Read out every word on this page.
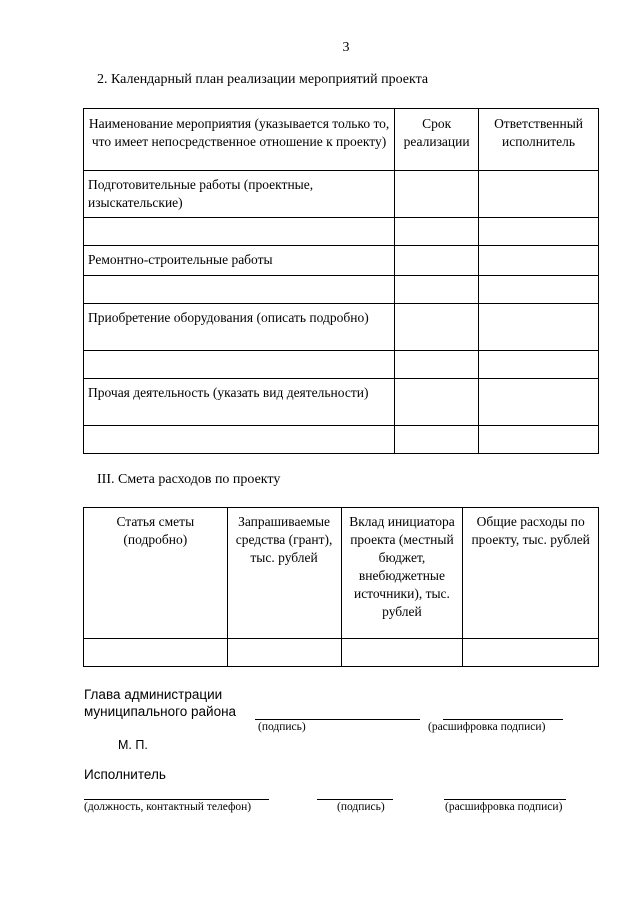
3
2. Календарный план реализации мероприятий проекта
Наименование мероприятия (указывается только то, что имеет непосредственное отношение к проекту)	Срок реализации	Ответственный исполнитель
Подготовительные работы (проектные, изыскательские)		

Ремонтно-строительные работы		

Приобретение оборудования (описать подробно)		

Прочая деятельность (указать вид деятельности)		

III. Смета расходов по проекту
Статья сметы (подробно)	Запрашиваемые средства (грант), тыс. рублей	Вклад инициатора проекта (местный бюджет, внебюджетные источники), тыс. рублей	Общие расходы по проекту, тыс. рублей

Глава администрации
муниципального района
(подпись)	(расшифровка подписи)
М. П.
Исполнитель
(должность, контактный телефон)	(подпись)	(расшифровка подписи)
